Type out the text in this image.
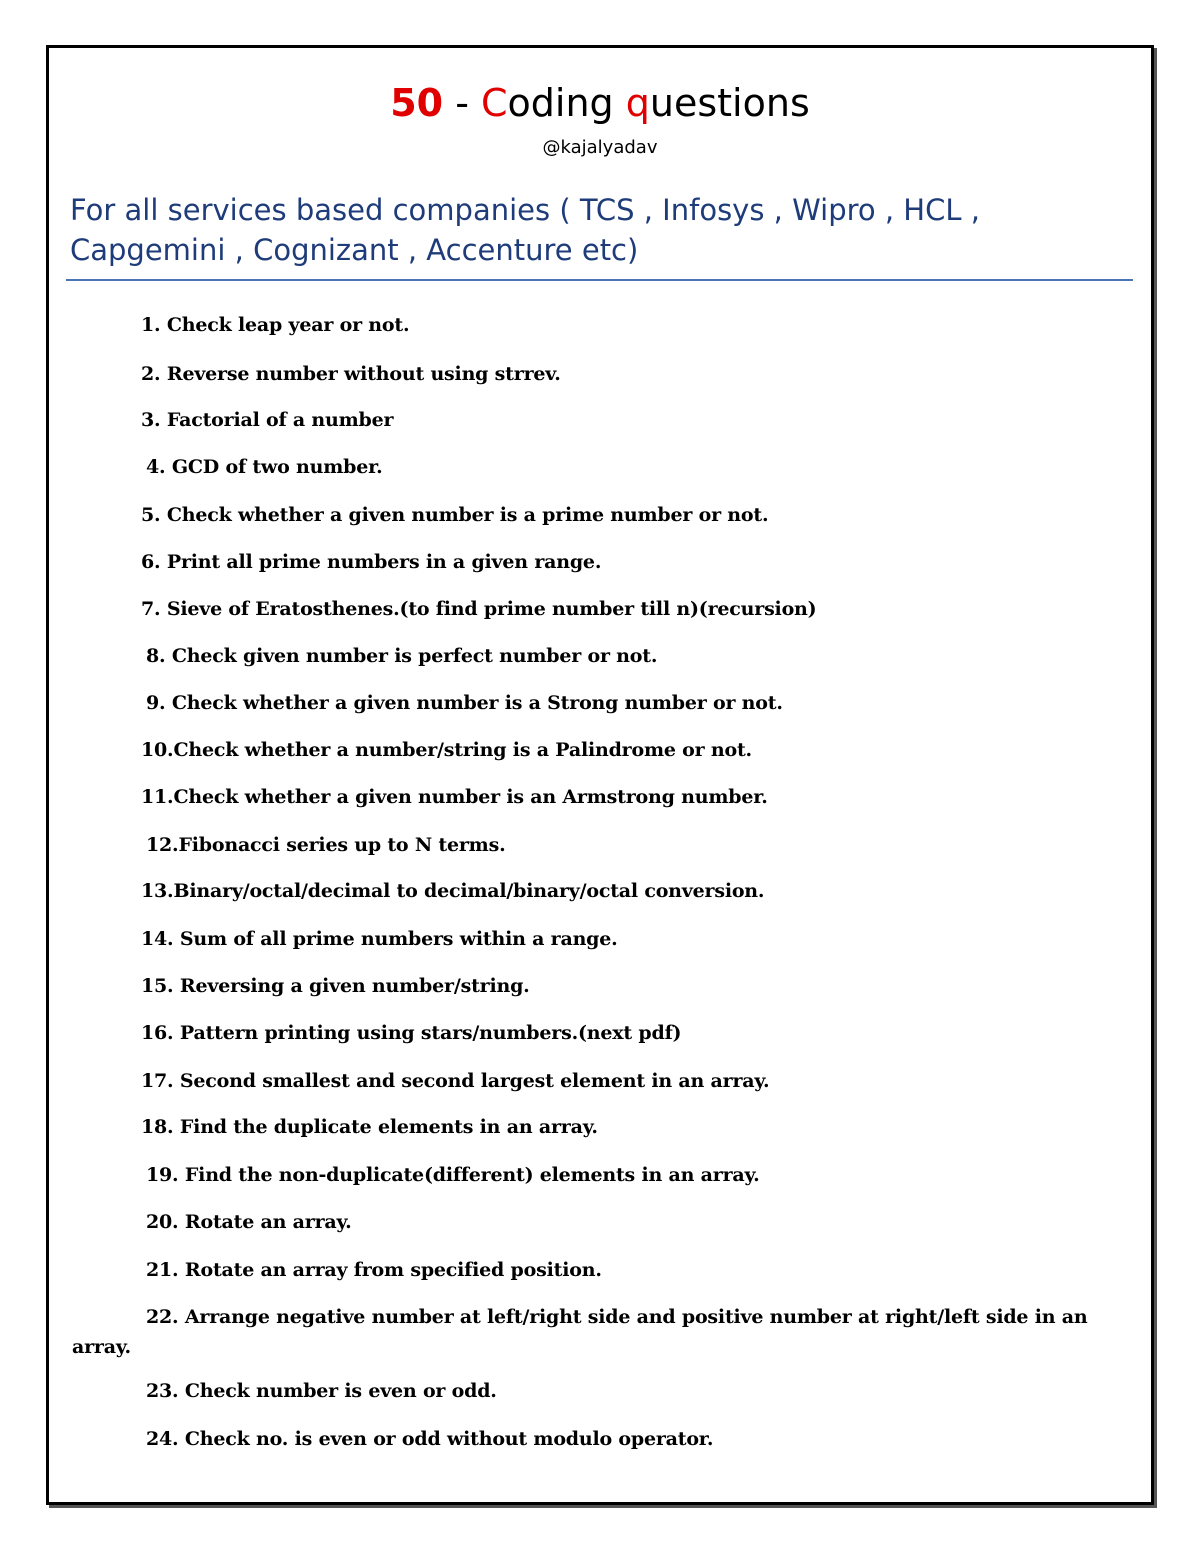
50 - Coding questions
@kajalyadav
For all services based companies ( TCS , Infosys , Wipro , HCL ,
Capgemini , Cognizant , Accenture etc)
1. Check leap year or not.
2. Reverse number without using strrev.
3. Factorial of a number
4. GCD of two number.
5. Check whether a given number is a prime number or not.
6. Print all prime numbers in a given range.
7. Sieve of Eratosthenes.(to find prime number till n)(recursion)
8. Check given number is perfect number or not.
9. Check whether a given number is a Strong number or not.
10.Check whether a number/string is a Palindrome or not.
11.Check whether a given number is an Armstrong number.
12.Fibonacci series up to N terms.
13.Binary/octal/decimal to decimal/binary/octal conversion.
14. Sum of all prime numbers within a range.
15. Reversing a given number/string.
16. Pattern printing using stars/numbers.(next pdf)
17. Second smallest and second largest element in an array.
18. Find the duplicate elements in an array.
19. Find the non-duplicate(different) elements in an array.
20. Rotate an array.
21. Rotate an array from specified position.
22. Arrange negative number at left/right side and positive number at right/left side in an array.
23. Check number is even or odd.
24. Check no. is even or odd without modulo operator.
